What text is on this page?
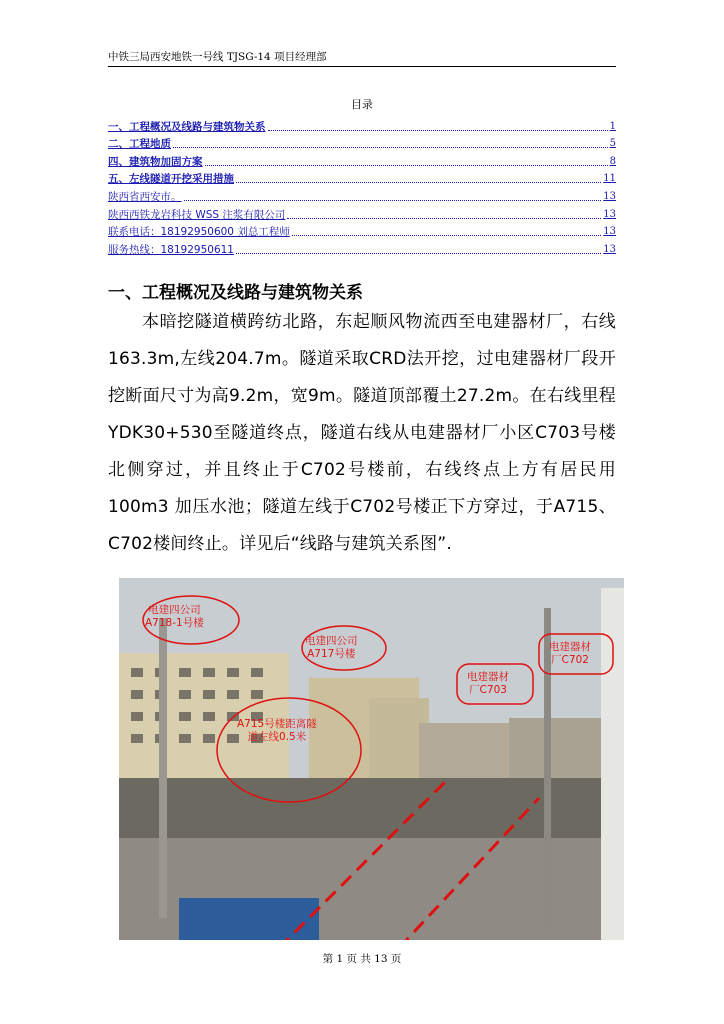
中铁三局西安地铁一号线 TJSG-14 项目经理部
目录
一、工程概况及线路与建筑物关系	1
二、工程地质	5
四、建筑物加固方案	8
五、左线隧道开挖采用措施	11
陕西省西安市。	13
陕西西铁龙岩科技 WSS 注浆有限公司	13
联系电话：18192950600 刘总工程师	13
服务热线：18192950611	13
一、工程概况及线路与建筑物关系

本暗挖隧道横跨纺北路，东起顺风物流西至电建器材厂，右线163.3m,左线204.7m。隧道采取CRD法开挖，过电建器材厂段开挖断面尺寸为高9.2m，宽9m。隧道顶部覆土27.2m。在右线里程YDK30+530至隧道终点，隧道右线从电建器材厂小区C703号楼北侧穿过，并且终止于C702号楼前，右线终点上方有居民用100m3 加压水池；隧道左线于C702号楼正下方穿过，于A715、C702楼间终止。详见后“线路与建筑关系图”.

电建四公司
A718-1号楼
电建四公司
A717号楼
电建器材
厂C703
电建器材
厂C702
A715号楼距离隧
道左线0.5米
第 1 页 共 13 页
